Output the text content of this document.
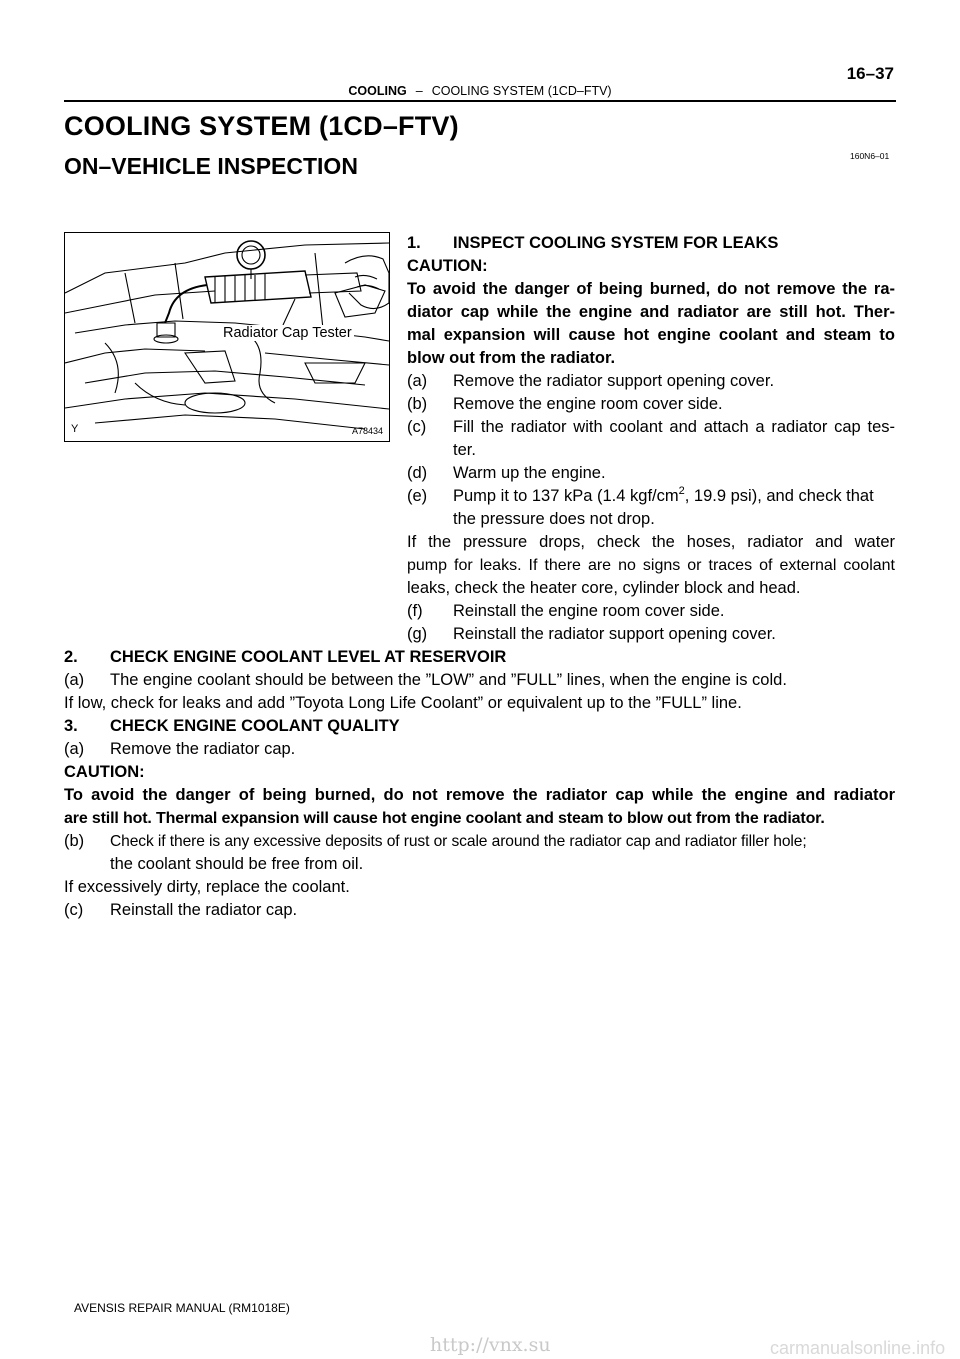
16–37
COOLING – COOLING SYSTEM (1CD–FTV)
COOLING SYSTEM (1CD–FTV)
ON–VEHICLE INSPECTION	160N6–01
Radiator Cap Tester
Y	A78434
1. INSPECT COOLING SYSTEM FOR LEAKS
CAUTION:
To avoid the danger of being burned, do not remove the ra-
diator cap while the engine and radiator are still hot. Ther-
mal expansion will cause hot engine coolant and steam to
blow out from the radiator.
(a) Remove the radiator support opening cover.
(b) Remove the engine room cover side.
(c) Fill the radiator with coolant and attach a radiator cap tes-
ter.
(d) Warm up the engine.
(e) Pump it to 137 kPa (1.4 kgf/$cm^2$, 19.9 psi), and check that
the pressure does not drop.
If the pressure drops, check the hoses, radiator and water
pump for leaks. If there are no signs or traces of external coolant
leaks, check the heater core, cylinder block and head.
(f) Reinstall the engine room cover side.
(g) Reinstall the radiator support opening cover.
2. CHECK ENGINE COOLANT LEVEL AT RESERVOIR
(a) The engine coolant should be between the ”LOW” and ”FULL” lines, when the engine is cold.
If low, check for leaks and add ”Toyota Long Life Coolant” or equivalent up to the ”FULL” line.
3. CHECK ENGINE COOLANT QUALITY
(a) Remove the radiator cap.
CAUTION:
To avoid the danger of being burned, do not remove the radiator cap while the engine and radiator
are still hot. Thermal expansion will cause hot engine coolant and steam to blow out from the radiator.
(b) Check if there is any excessive deposits of rust or scale around the radiator cap and radiator filler hole;
the coolant should be free from oil.
If excessively dirty, replace the coolant.
(c) Reinstall the radiator cap.
AVENSIS REPAIR MANUAL (RM1018E)
http://vnx.su	carmanualsonline.info
